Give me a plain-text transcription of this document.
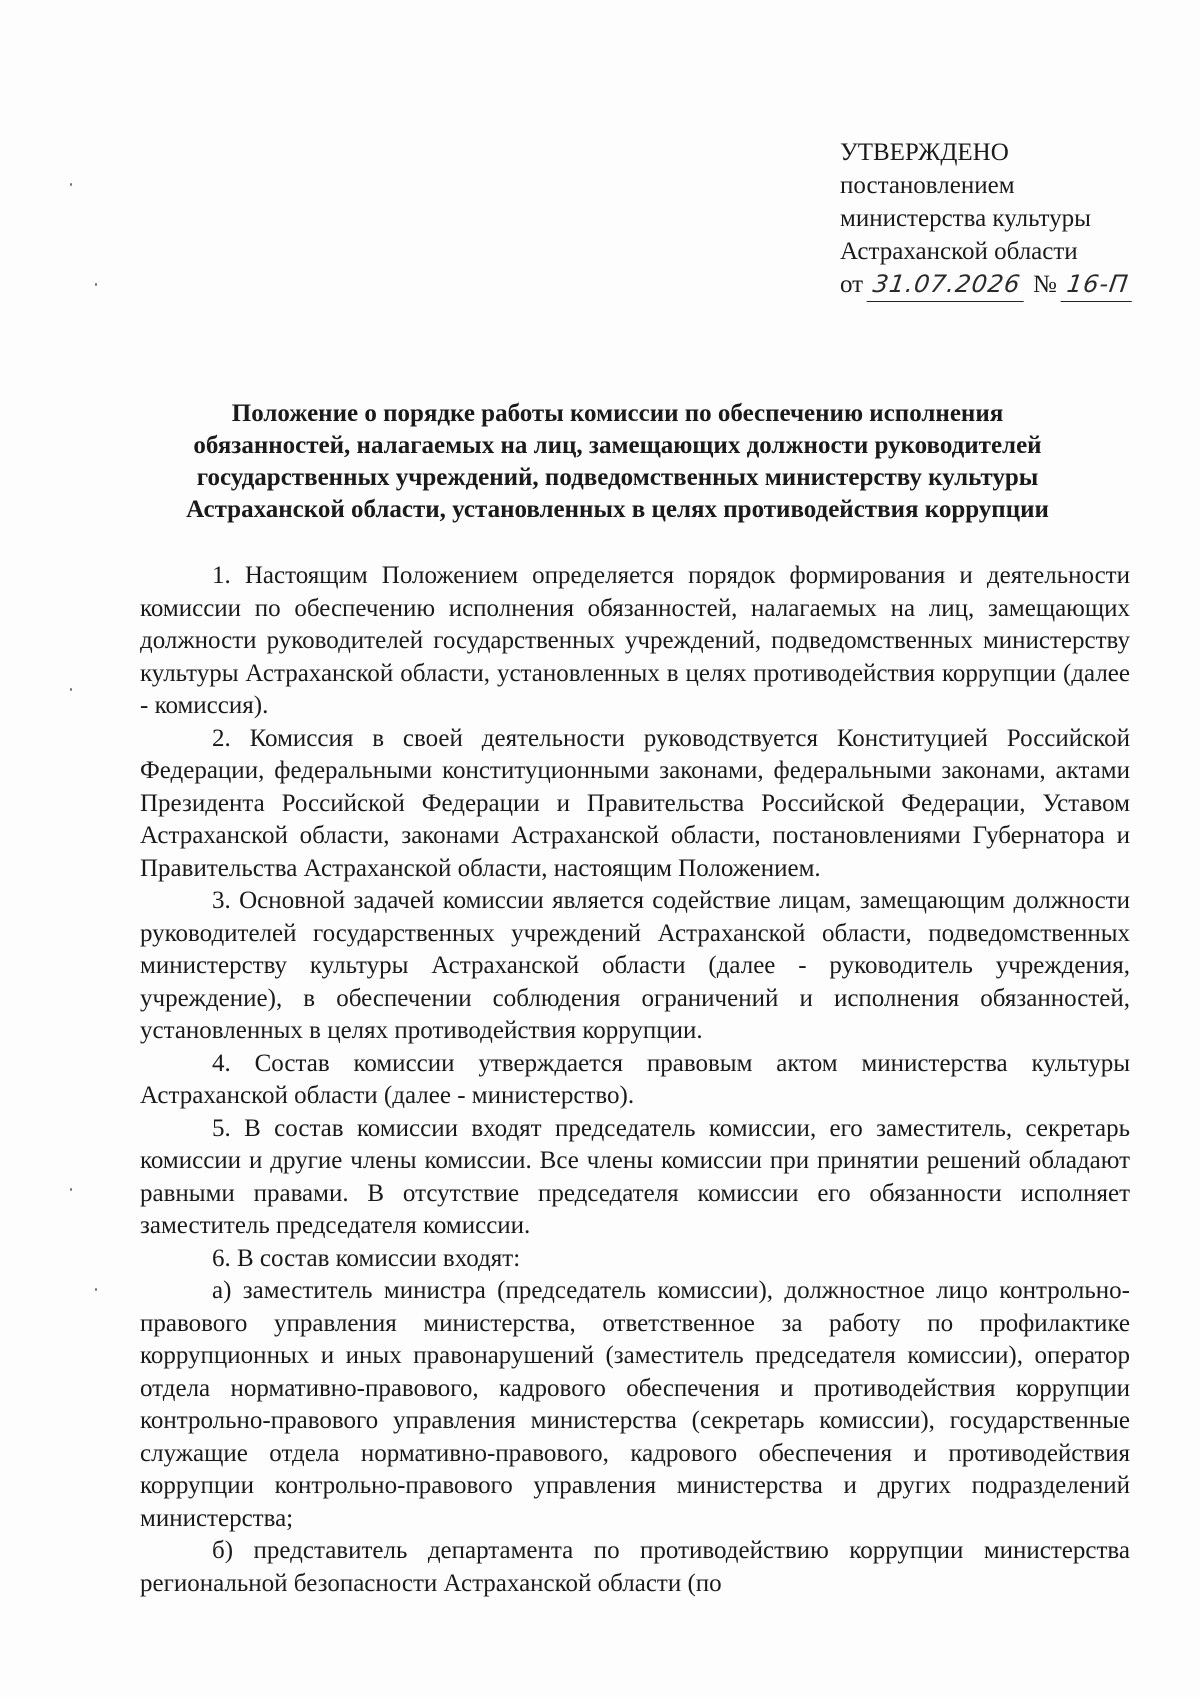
УТВЕРЖДЕНО
постановлением
министерства культуры
Астраханской области
от 31.07.2026 № 16-П
Положение о порядке работы комиссии по обеспечению исполнения
обязанностей, налагаемых на лиц, замещающих должности руководителей
государственных учреждений, подведомственных министерству культуры
Астраханской области, установленных в целях противодействия коррупции

1. Настоящим Положением определяется порядок формирования и деятельности комиссии по обеспечению исполнения обязанностей, налагаемых на лиц, замещающих должности руководителей государственных учреждений, подведомственных министерству культуры Астраханской области, установленных в целях противодействия коррупции (далее - комиссия).

2. Комиссия в своей деятельности руководствуется Конституцией Российской Федерации, федеральными конституционными законами, федеральными законами, актами Президента Российской Федерации и Правительства Российской Федерации, Уставом Астраханской области, законами Астраханской области, постановлениями Губернатора и Правительства Астраханской области, настоящим Положением.

3. Основной задачей комиссии является содействие лицам, замещающим должности руководителей государственных учреждений Астраханской области, подведомственных министерству культуры Астраханской области (далее - руководитель учреждения, учреждение), в обеспечении соблюдения ограничений и исполнения обязанностей, установленных в целях противодействия коррупции.

4. Состав комиссии утверждается правовым актом министерства культуры Астраханской области (далее - министерство).

5. В состав комиссии входят председатель комиссии, его заместитель, секретарь комиссии и другие члены комиссии. Все члены комиссии при принятии решений обладают равными правами. В отсутствие председателя комиссии его обязанности исполняет заместитель председателя комиссии.

6. В состав комиссии входят:

а) заместитель министра (председатель комиссии), должностное лицо контрольно-правового управления министерства, ответственное за работу по профилактике коррупционных и иных правонарушений (заместитель председателя комиссии), оператор отдела нормативно-правового, кадрового обеспечения и противодействия коррупции контрольно-правового управления министерства (секретарь комиссии), государственные служащие отдела нормативно-правового, кадрового обеспечения и противодействия коррупции контрольно-правового управления министерства и других подразделений министерства;

б) представитель департамента по противодействию коррупции министерства региональной безопасности Астраханской области (по
